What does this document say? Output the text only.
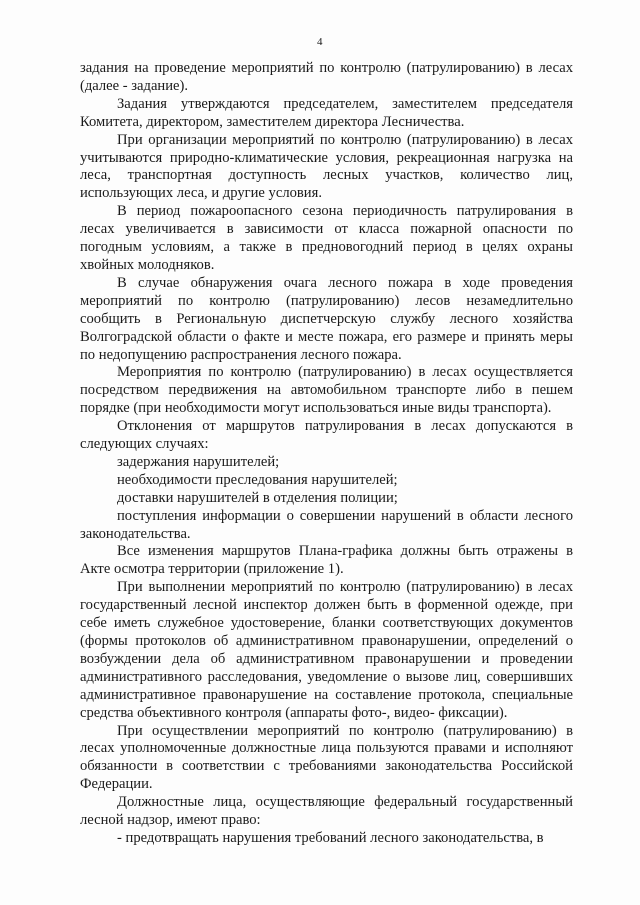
4

задания на проведение мероприятий по контролю (патрулированию) в лесах (далее - задание).

Задания утверждаются председателем, заместителем председателя Комитета, директором, заместителем директора Лесничества.

При организации мероприятий по контролю (патрулированию) в лесах учитываются природно-климатические условия, рекреационная нагрузка на леса, транспортная доступность лесных участков, количество лиц, использующих леса, и другие условия.

В период пожароопасного сезона периодичность патрулирования в лесах увеличивается в зависимости от класса пожарной опасности по погодным условиям, а также в предновогодний период в целях охраны хвойных молодняков.

В случае обнаружения очага лесного пожара в ходе проведения мероприятий по контролю (патрулированию) лесов незамедлительно сообщить в Региональную диспетчерскую службу лесного хозяйства Волгоградской области о факте и месте пожара, его размере и принять меры по недопущению распространения лесного пожара.

Мероприятия по контролю (патрулированию) в лесах осуществляется посредством передвижения на автомобильном транспорте либо в пешем порядке (при необходимости могут использоваться иные виды транспорта).

Отклонения от маршрутов патрулирования в лесах допускаются в следующих случаях:

задержания нарушителей;

необходимости преследования нарушителей;

доставки нарушителей в отделения полиции;

поступления информации о совершении нарушений в области лесного законодательства.

Все изменения маршрутов Плана-графика должны быть отражены в Акте осмотра территории (приложение 1).

При выполнении мероприятий по контролю (патрулированию) в лесах государственный лесной инспектор должен быть в форменной одежде, при себе иметь служебное удостоверение, бланки соответствующих документов (формы протоколов об административном правонарушении, определений о возбуждении дела об административном правонарушении и проведении административного расследования, уведомление о вызове лиц, совершивших административное правонарушение на составление протокола, специальные средства объективного контроля (аппараты фото-, видео- фиксации).

При осуществлении мероприятий по контролю (патрулированию) в лесах уполномоченные должностные лица пользуются правами и исполняют обязанности в соответствии с требованиями законодательства Российской Федерации.

Должностные лица, осуществляющие федеральный государственный лесной надзор, имеют право:

- предотвращать нарушения требований лесного законодательства, в
